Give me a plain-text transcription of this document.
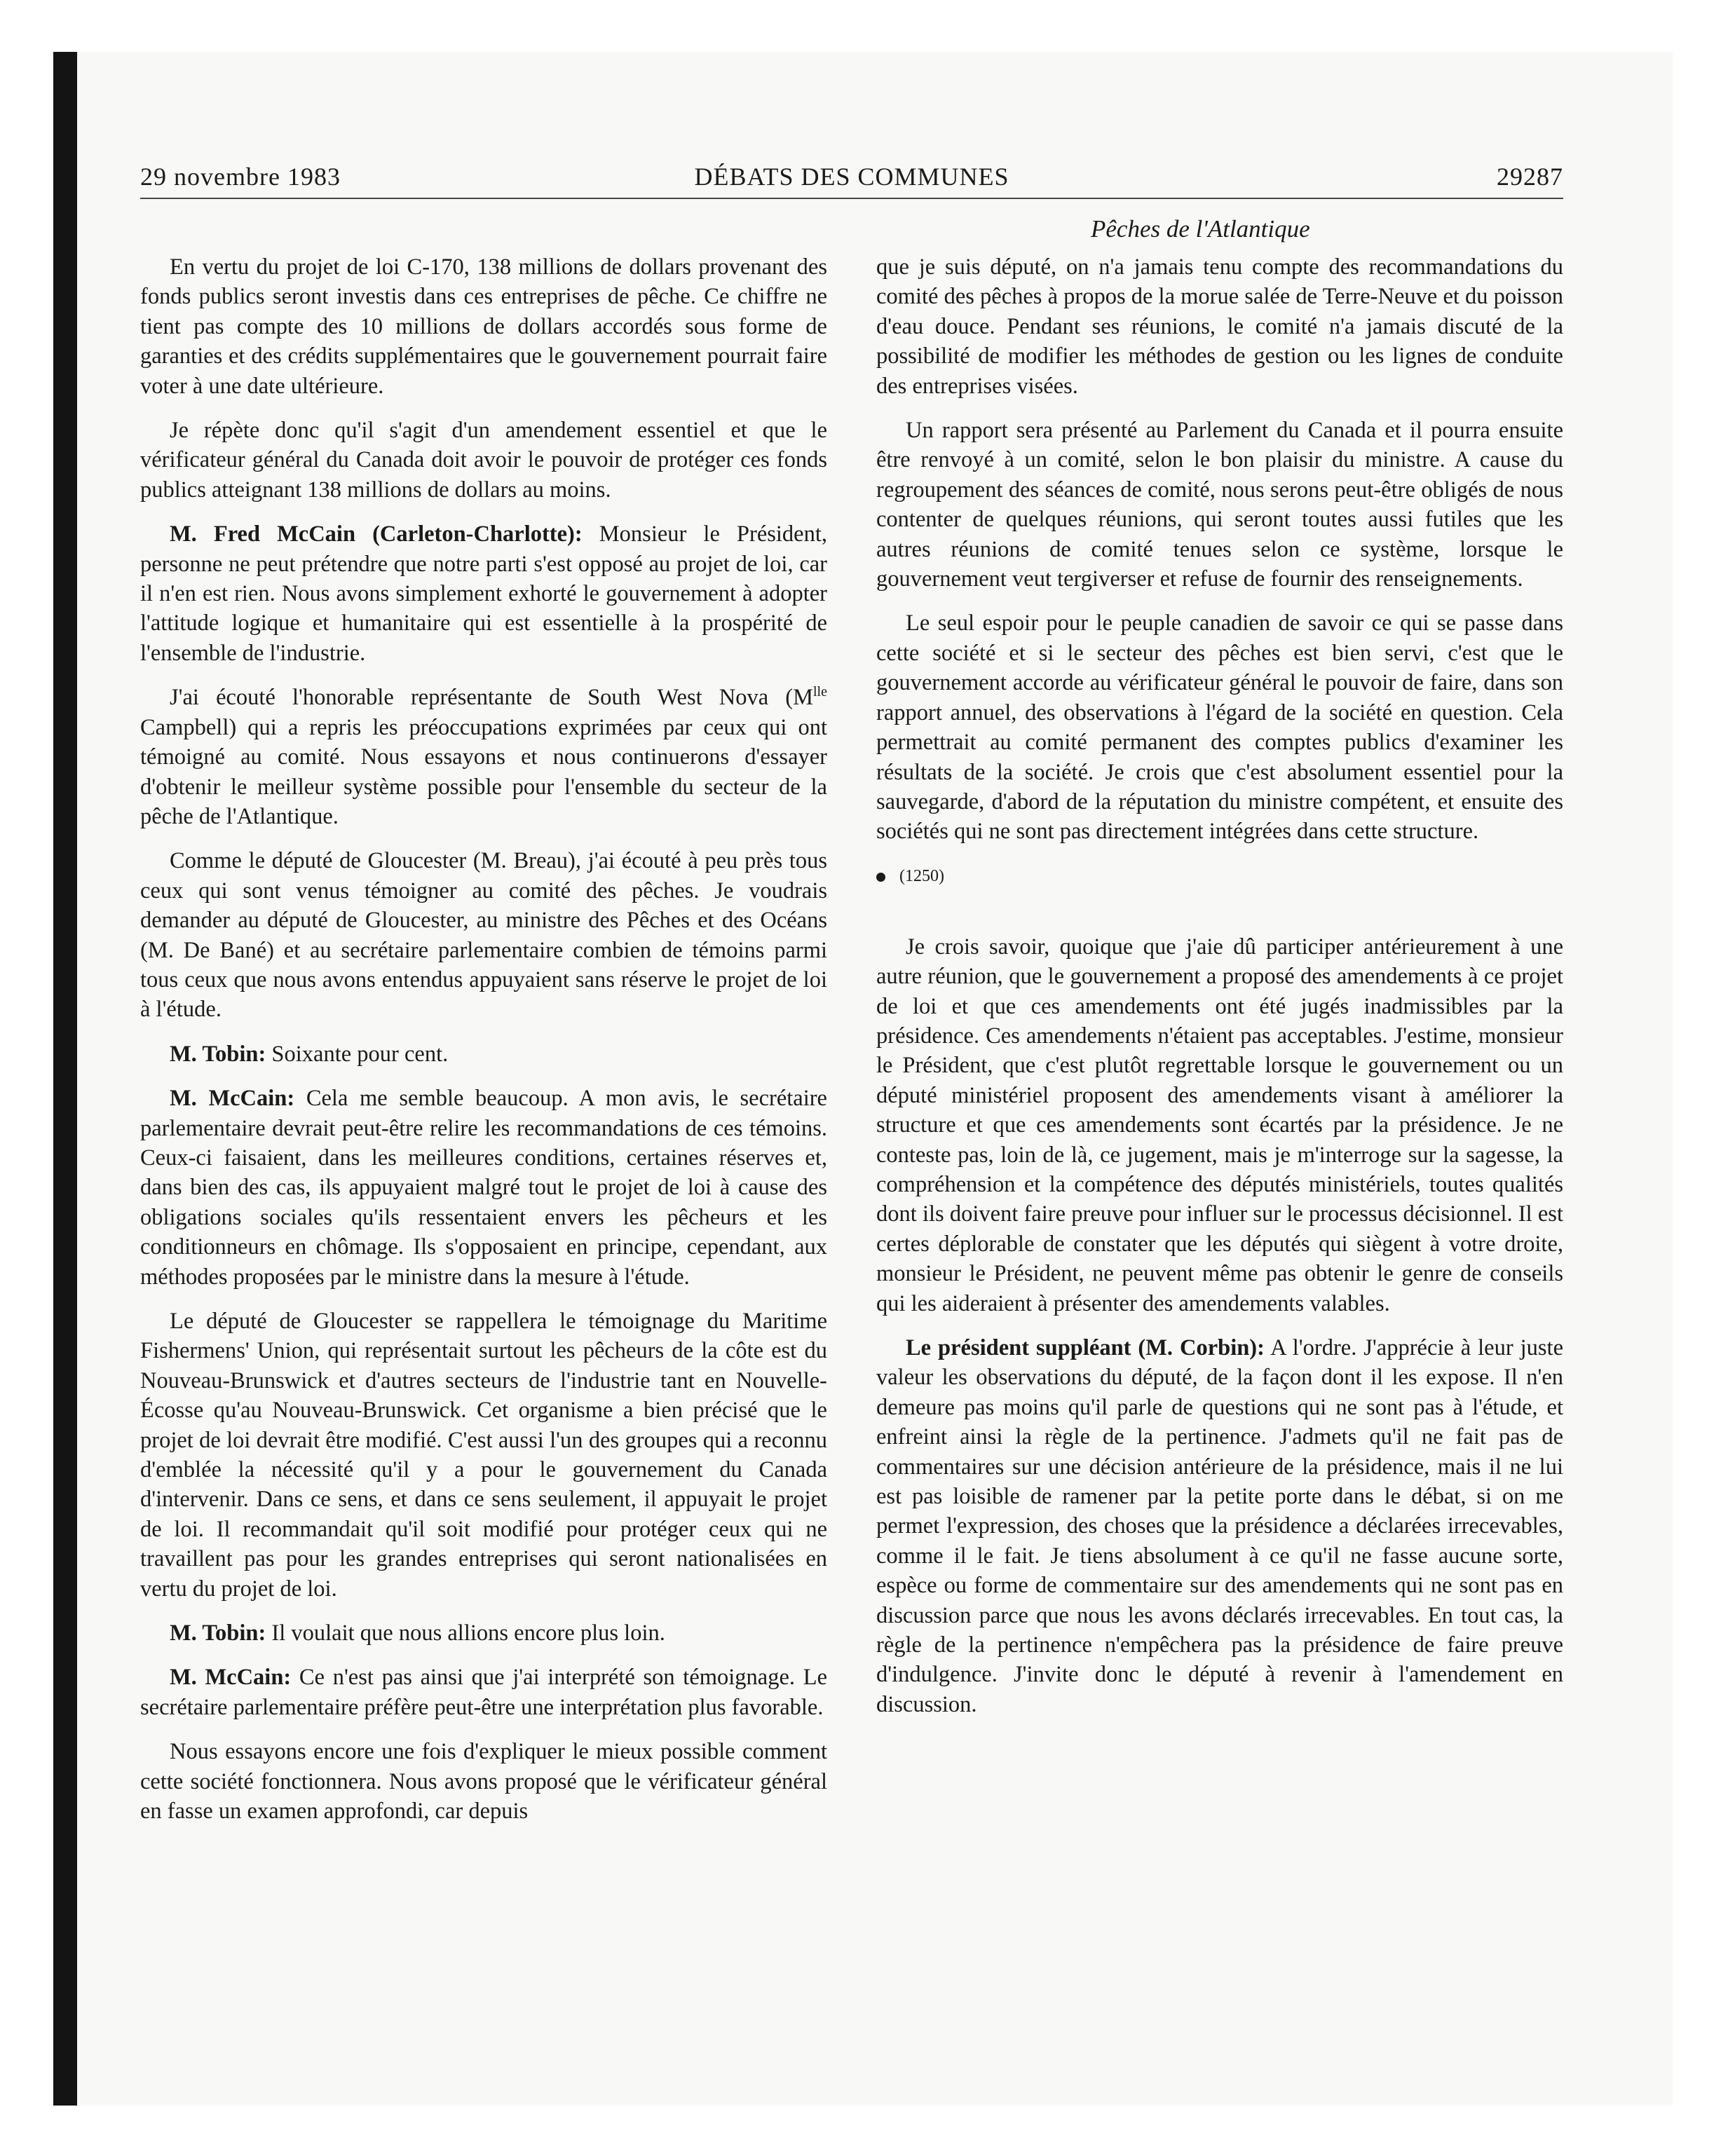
29 novembre 1983	DÉBATS DES COMMUNES	29287
Pêches de l'Atlantique

En vertu du projet de loi C-170, 138 millions de dollars provenant des fonds publics seront investis dans ces entreprises de pêche. Ce chiffre ne tient pas compte des 10 millions de dollars accordés sous forme de garanties et des crédits supplémentaires que le gouvernement pourrait faire voter à une date ultérieure.

Je répète donc qu'il s'agit d'un amendement essentiel et que le vérificateur général du Canada doit avoir le pouvoir de protéger ces fonds publics atteignant 138 millions de dollars au moins.

M. Fred McCain (Carleton-Charlotte): Monsieur le Président, personne ne peut prétendre que notre parti s'est opposé au projet de loi, car il n'en est rien. Nous avons simplement exhorté le gouvernement à adopter l'attitude logique et humanitaire qui est essentielle à la prospérité de l'ensemble de l'industrie.

J'ai écouté l'honorable représentante de South West Nova ($M^{lle}$ Campbell) qui a repris les préoccupations exprimées par ceux qui ont témoigné au comité. Nous essayons et nous continuerons d'essayer d'obtenir le meilleur système possible pour l'ensemble du secteur de la pêche de l'Atlantique.

Comme le député de Gloucester (M. Breau), j'ai écouté à peu près tous ceux qui sont venus témoigner au comité des pêches. Je voudrais demander au député de Gloucester, au ministre des Pêches et des Océans (M. De Bané) et au secrétaire parlementaire combien de témoins parmi tous ceux que nous avons entendus appuyaient sans réserve le projet de loi à l'étude.

M. Tobin: Soixante pour cent.

M. McCain: Cela me semble beaucoup. A mon avis, le secrétaire parlementaire devrait peut-être relire les recommandations de ces témoins. Ceux-ci faisaient, dans les meilleures conditions, certaines réserves et, dans bien des cas, ils appuyaient malgré tout le projet de loi à cause des obligations sociales qu'ils ressentaient envers les pêcheurs et les conditionneurs en chômage. Ils s'opposaient en principe, cependant, aux méthodes proposées par le ministre dans la mesure à l'étude.

Le député de Gloucester se rappellera le témoignage du Maritime Fishermens' Union, qui représentait surtout les pêcheurs de la côte est du Nouveau-Brunswick et d'autres secteurs de l'industrie tant en Nouvelle-Écosse qu'au Nouveau-Brunswick. Cet organisme a bien précisé que le projet de loi devrait être modifié. C'est aussi l'un des groupes qui a reconnu d'emblée la nécessité qu'il y a pour le gouvernement du Canada d'intervenir. Dans ce sens, et dans ce sens seulement, il appuyait le projet de loi. Il recommandait qu'il soit modifié pour protéger ceux qui ne travaillent pas pour les grandes entreprises qui seront nationalisées en vertu du projet de loi.

M. Tobin: Il voulait que nous allions encore plus loin.

M. McCain: Ce n'est pas ainsi que j'ai interprété son témoignage. Le secrétaire parlementaire préfère peut-être une interprétation plus favorable.

Nous essayons encore une fois d'expliquer le mieux possible comment cette société fonctionnera. Nous avons proposé que le vérificateur général en fasse un examen approfondi, car depuis

que je suis député, on n'a jamais tenu compte des recommandations du comité des pêches à propos de la morue salée de Terre-Neuve et du poisson d'eau douce. Pendant ses réunions, le comité n'a jamais discuté de la possibilité de modifier les méthodes de gestion ou les lignes de conduite des entreprises visées.

Un rapport sera présenté au Parlement du Canada et il pourra ensuite être renvoyé à un comité, selon le bon plaisir du ministre. A cause du regroupement des séances de comité, nous serons peut-être obligés de nous contenter de quelques réunions, qui seront toutes aussi futiles que les autres réunions de comité tenues selon ce système, lorsque le gouvernement veut tergiverser et refuse de fournir des renseignements.

Le seul espoir pour le peuple canadien de savoir ce qui se passe dans cette société et si le secteur des pêches est bien servi, c'est que le gouvernement accorde au vérificateur général le pouvoir de faire, dans son rapport annuel, des observations à l'égard de la société en question. Cela permettrait au comité permanent des comptes publics d'examiner les résultats de la société. Je crois que c'est absolument essentiel pour la sauvegarde, d'abord de la réputation du ministre compétent, et ensuite des sociétés qui ne sont pas directement intégrées dans cette structure.

(1250)

Je crois savoir, quoique que j'aie dû participer antérieurement à une autre réunion, que le gouvernement a proposé des amendements à ce projet de loi et que ces amendements ont été jugés inadmissibles par la présidence. Ces amendements n'étaient pas acceptables. J'estime, monsieur le Président, que c'est plutôt regrettable lorsque le gouvernement ou un député ministériel proposent des amendements visant à améliorer la structure et que ces amendements sont écartés par la présidence. Je ne conteste pas, loin de là, ce jugement, mais je m'interroge sur la sagesse, la compréhension et la compétence des députés ministériels, toutes qualités dont ils doivent faire preuve pour influer sur le processus décisionnel. Il est certes déplorable de constater que les députés qui siègent à votre droite, monsieur le Président, ne peuvent même pas obtenir le genre de conseils qui les aideraient à présenter des amendements valables.

Le président suppléant (M. Corbin): A l'ordre. J'apprécie à leur juste valeur les observations du député, de la façon dont il les expose. Il n'en demeure pas moins qu'il parle de questions qui ne sont pas à l'étude, et enfreint ainsi la règle de la pertinence. J'admets qu'il ne fait pas de commentaires sur une décision antérieure de la présidence, mais il ne lui est pas loisible de ramener par la petite porte dans le débat, si on me permet l'expression, des choses que la présidence a déclarées irrecevables, comme il le fait. Je tiens absolument à ce qu'il ne fasse aucune sorte, espèce ou forme de commentaire sur des amendements qui ne sont pas en discussion parce que nous les avons déclarés irrecevables. En tout cas, la règle de la pertinence n'empêchera pas la présidence de faire preuve d'indulgence. J'invite donc le député à revenir à l'amendement en discussion.
